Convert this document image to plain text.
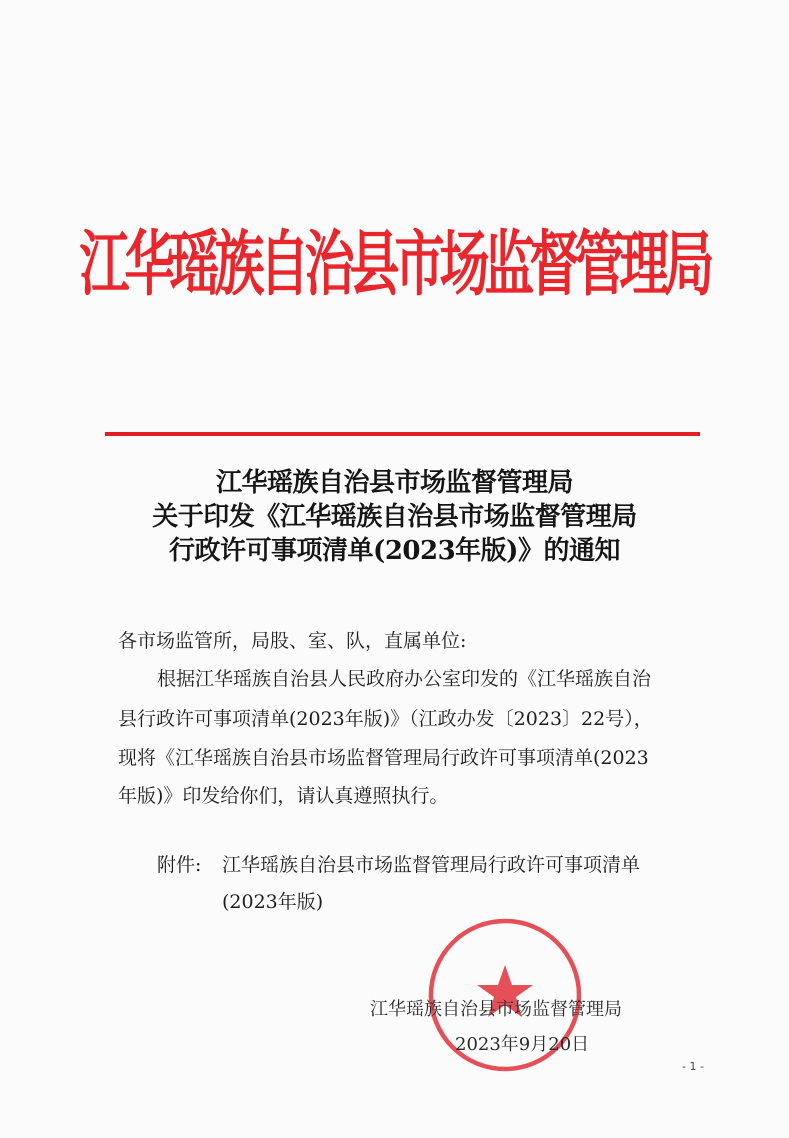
江华瑶族自治县市场监督管理局
江华瑶族自治县市场监督管理局
关于印发《江华瑶族自治县市场监督管理局
行政许可事项清单(2023年版)》的通知
各市场监管所，局股、室、队，直属单位:
根据江华瑶族自治县人民政府办公室印发的《江华瑶族自治
县行政许可事项清单(2023年版)》（江政办发〔2023〕22号），
现将《江华瑶族自治县市场监督管理局行政许可事项清单(2023
年版)》印发给你们，请认真遵照执行。
附件:	江华瑶族自治县市场监督管理局行政许可事项清单
(2023年版)
江华瑶族自治县市场监督管理局
2023年9月20日
- 1 -
